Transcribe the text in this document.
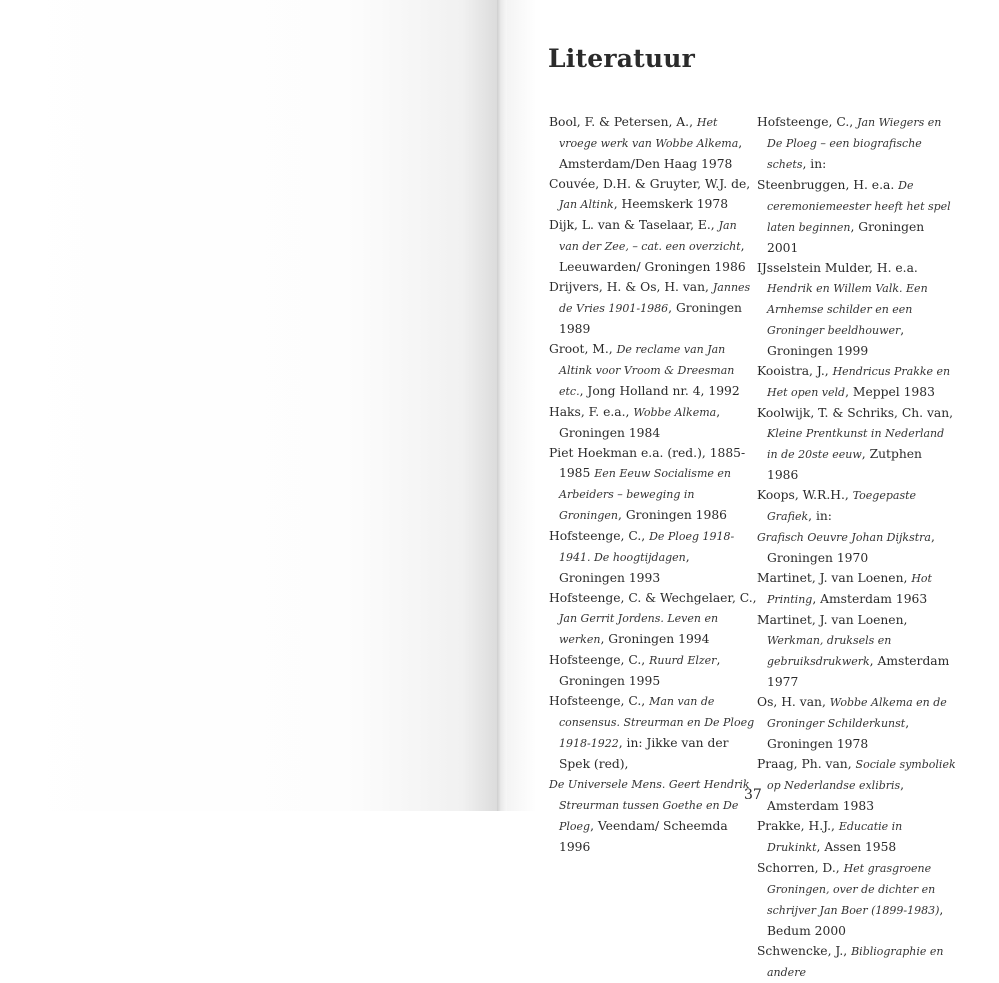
Literatuur

Bool, F. & Petersen, A., Het vroege werk van Wobbe Alkema, Amsterdam/Den Haag 1978

Couvée, D.H. & Gruyter, W.J. de, Jan Altink, Heemskerk 1978

Dijk, L. van & Taselaar, E., Jan van der Zee, – cat. een overzicht, Leeuwarden/ Groningen 1986

Drijvers, H. & Os, H. van, Jannes de Vries 1901-1986, Groningen 1989

Groot, M., De reclame van Jan Altink voor Vroom & Dreesman etc., Jong Holland nr. 4, 1992

Haks, F. e.a., Wobbe Alkema, Groningen 1984

Piet Hoekman e.a. (red.), 1885-1985 Een Eeuw Socialisme en Arbeiders – beweging in Groningen, Groningen 1986

Hofsteenge, C., De Ploeg 1918-1941. De hoogtijdagen, Groningen 1993

Hofsteenge, C. & Wechgelaer, C., Jan Gerrit Jordens. Leven en werken, Groningen 1994

Hofsteenge, C., Ruurd Elzer, Groningen 1995

Hofsteenge, C., Man van de consensus. Streurman en De Ploeg 1918-1922, in: Jikke van der Spek (red),

De Universele Mens. Geert Hendrik Streurman tussen Goethe en De Ploeg, Veendam/ Scheemda 1996

Hofsteenge, C., Jan Wiegers en De Ploeg – een biografische schets, in:

Steenbruggen, H. e.a. De ceremoniemeester heeft het spel laten beginnen, Groningen 2001

IJsselstein Mulder, H. e.a. Hendrik en Willem Valk. Een Arnhemse schilder en een Groninger beeldhouwer, Groningen 1999

Kooistra, J., Hendricus Prakke en Het open veld, Meppel 1983

Koolwijk, T. & Schriks, Ch. van, Kleine Prentkunst in Nederland in de 20ste eeuw, Zutphen 1986

Koops, W.R.H., Toegepaste Grafiek, in:

Grafisch Oeuvre Johan Dijkstra, Groningen 1970

Martinet, J. van Loenen, Hot Printing, Amsterdam 1963

Martinet, J. van Loenen, Werkman, druksels en gebruiksdrukwerk, Amsterdam 1977

Os, H. van, Wobbe Alkema en de Groninger Schilderkunst, Groningen 1978

Praag, Ph. van, Sociale symboliek op Nederlandse exlibris, Amsterdam 1983

Prakke, H.J., Educatie in Drukinkt, Assen 1958

Schorren, D., Het grasgroene Groningen, over de dichter en schrijver Jan Boer (1899-1983), Bedum 2000

Schwencke, J., Bibliographie en andere

37
